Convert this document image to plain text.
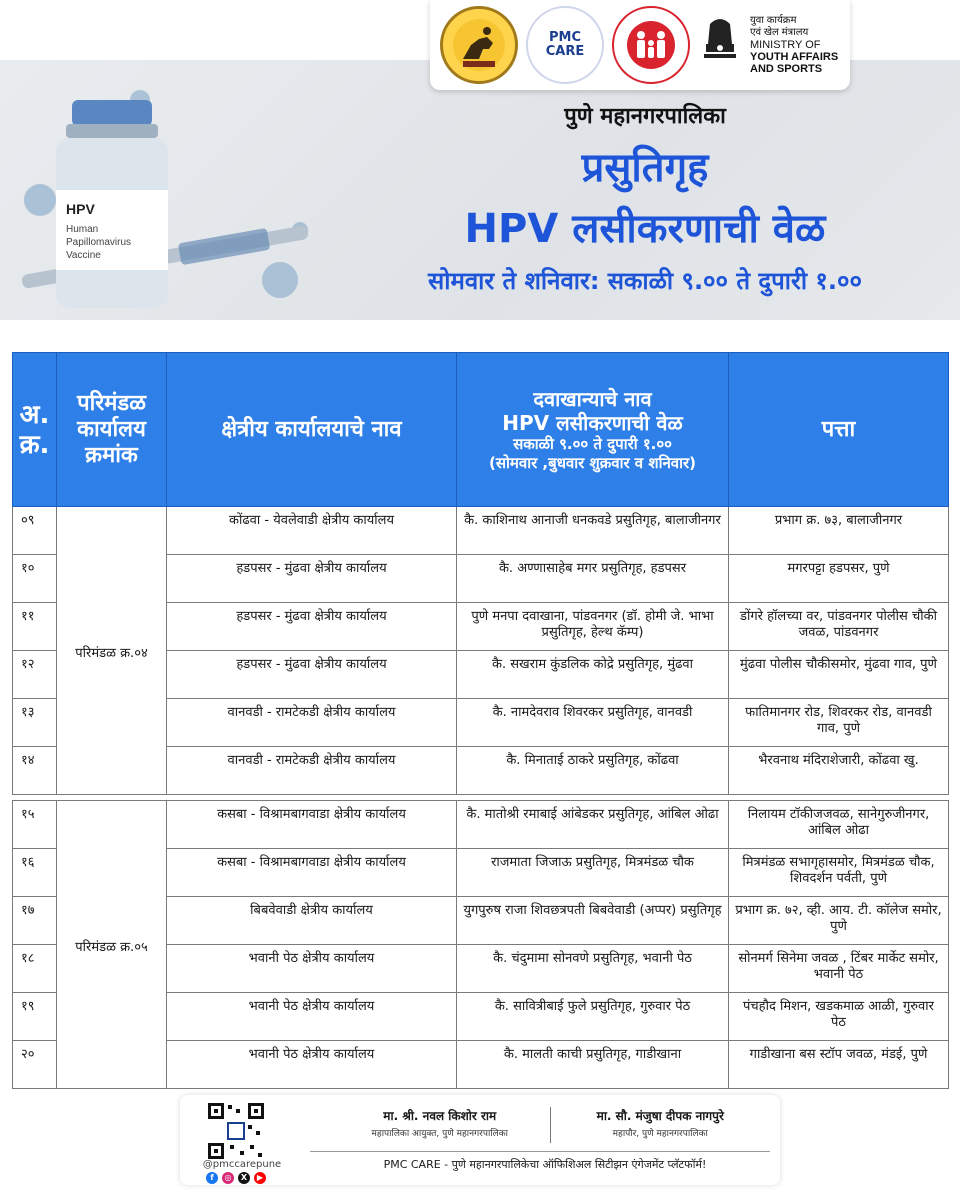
PMC CARE
युवा कार्यक्रम
एवं खेल मंत्रालय
MINISTRY OF
YOUTH AFFAIRS
AND SPORTS
HPV
Human
Papillomavirus
Vaccine

पुणे महानगरपालिका

प्रसुतिगृह

HPV लसीकरणाची वेळ

सोमवार ते शनिवार: सकाळी ९.०० ते दुपारी १.००

अ. क्र.	परिमंडळ कार्यालय क्रमांक	क्षेत्रीय कार्यालयाचे नाव	दवाखान्याचे नाव
HPV लसीकरणाची वेळ
सकाळी ९.०० ते दुपारी १.००
(सोमवार ,बुधवार शुक्रवार व शनिवार)	पत्ता
०९	परिमंडळ क्र.०४	कोंढवा - येवलेवाडी क्षेत्रीय कार्यालय	कै. काशिनाथ आनाजी धनकवडे प्रसुतिगृह, बालाजीनगर	प्रभाग क्र. ७३, बालाजीनगर
१०		हडपसर - मुंढवा क्षेत्रीय कार्यालय	कै. अण्णासाहेब मगर प्रसुतिगृह, हडपसर	मगरपट्टा हडपसर, पुणे
११		हडपसर - मुंढवा क्षेत्रीय कार्यालय	पुणे मनपा दवाखाना, पांडवनगर (डॉ. होमी जे. भाभा प्रसुतिगृह, हेल्थ कॅम्प)	डोंगरे हॉलच्या वर, पांडवनगर पोलीस चौकी जवळ, पांडवनगर
१२		हडपसर - मुंढवा क्षेत्रीय कार्यालय	कै. सखराम कुंडलिक कोद्रे प्रसुतिगृह, मुंढवा	मुंढवा पोलीस चौकीसमोर, मुंढवा गाव, पुणे
१३		वानवडी - रामटेकडी क्षेत्रीय कार्यालय	कै. नामदेवराव शिवरकर प्रसुतिगृह, वानवडी	फातिमानगर रोड, शिवरकर रोड, वानवडी गाव, पुणे
१४		वानवडी - रामटेकडी क्षेत्रीय कार्यालय	कै. मिनाताई ठाकरे प्रसुतिगृह, कोंढवा	भैरवनाथ मंदिराशेजारी, कोंढवा खु.

१५	परिमंडळ क्र.०५	कसबा - विश्रामबागवाडा क्षेत्रीय कार्यालय	कै. मातोश्री रमाबाई आंबेडकर प्रसुतिगृह, आंबिल ओढा	निलायम टॉकीजजवळ, सानेगुरुजीनगर, आंबिल ओढा
१६		कसबा - विश्रामबागवाडा क्षेत्रीय कार्यालय	राजमाता जिजाऊ प्रसुतिगृह, मित्रमंडळ चौक	मित्रमंडळ सभागृहासमोर, मित्रमंडळ चौक, शिवदर्शन पर्वती, पुणे
१७		बिबवेवाडी क्षेत्रीय कार्यालय	युगपुरुष राजा शिवछत्रपती बिबवेवाडी (अप्पर) प्रसुतिगृह	प्रभाग क्र. ७२, व्ही. आय. टी. कॉलेज समोर, पुणे
१८		भवानी पेठ क्षेत्रीय कार्यालय	कै. चंदुमामा सोनवणे प्रसुतिगृह, भवानी पेठ	सोनमर्ग सिनेमा जवळ , टिंबर मार्केट समोर, भवानी पेठ
१९		भवानी पेठ क्षेत्रीय कार्यालय	कै. सावित्रीबाई फुले प्रसुतिगृह, गुरुवार पेठ	पंचहौद मिशन, खडकमाळ आळी, गुरुवार पेठ
२०		भवानी पेठ क्षेत्रीय कार्यालय	कै. मालती काची प्रसुतिगृह, गाडीखाना	गाडीखाना बस स्टॉप जवळ, मंडई, पुणे
@pmccarepune
f	◎	X	▶

मा. श्री. नवल किशोर राम

महापालिका आयुक्त, पुणे महानगरपालिका

मा. सौ. मंजुषा दीपक नागपुरे

महापौर, पुणे महानगरपालिका

PMC CARE - पुणे महानगरपालिकेचा ऑफिशिअल सिटीझन एंगेजमेंट प्लॅटफॉर्म!
